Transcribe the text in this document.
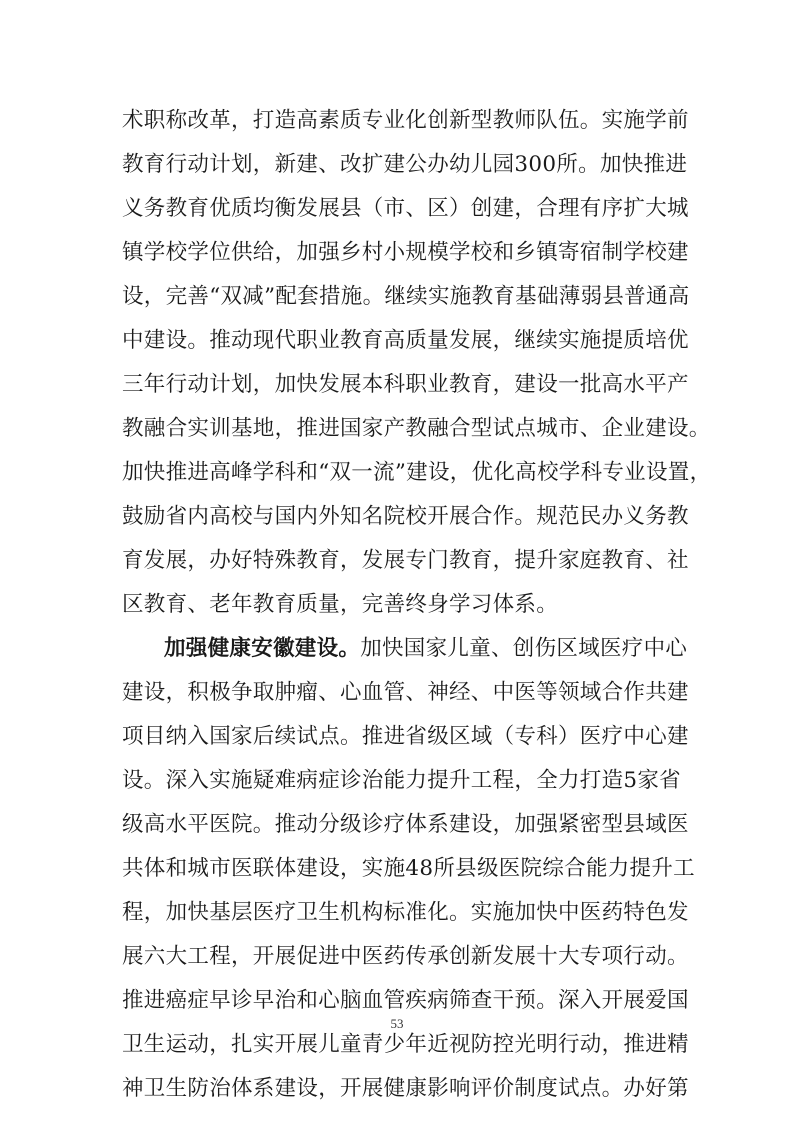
术职称改革，打造高素质专业化创新型教师队伍。实施学前
教育行动计划，新建、改扩建公办幼儿园300所。加快推进
义务教育优质均衡发展县（市、区）创建，合理有序扩大城
镇学校学位供给，加强乡村小规模学校和乡镇寄宿制学校建
设，完善“双减”配套措施。继续实施教育基础薄弱县普通高
中建设。推动现代职业教育高质量发展，继续实施提质培优
三年行动计划，加快发展本科职业教育，建设一批高水平产
教融合实训基地，推进国家产教融合型试点城市、企业建设。
加快推进高峰学科和“双一流”建设，优化高校学科专业设置，
鼓励省内高校与国内外知名院校开展合作。规范民办义务教
育发展，办好特殊教育，发展专门教育，提升家庭教育、社
区教育、老年教育质量，完善终身学习体系。
加强健康安徽建设。加快国家儿童、创伤区域医疗中心
建设，积极争取肿瘤、心血管、神经、中医等领域合作共建
项目纳入国家后续试点。推进省级区域（专科）医疗中心建
设。深入实施疑难病症诊治能力提升工程，全力打造5家省
级高水平医院。推动分级诊疗体系建设，加强紧密型县域医
共体和城市医联体建设，实施48所县级医院综合能力提升工
程，加快基层医疗卫生机构标准化。实施加快中医药特色发
展六大工程，开展促进中医药传承创新发展十大专项行动。
推进癌症早诊早治和心脑血管疾病筛查干预。深入开展爱国
卫生运动，扎实开展儿童青少年近视防控光明行动，推进精
神卫生防治体系建设，开展健康影响评价制度试点。办好第
53
